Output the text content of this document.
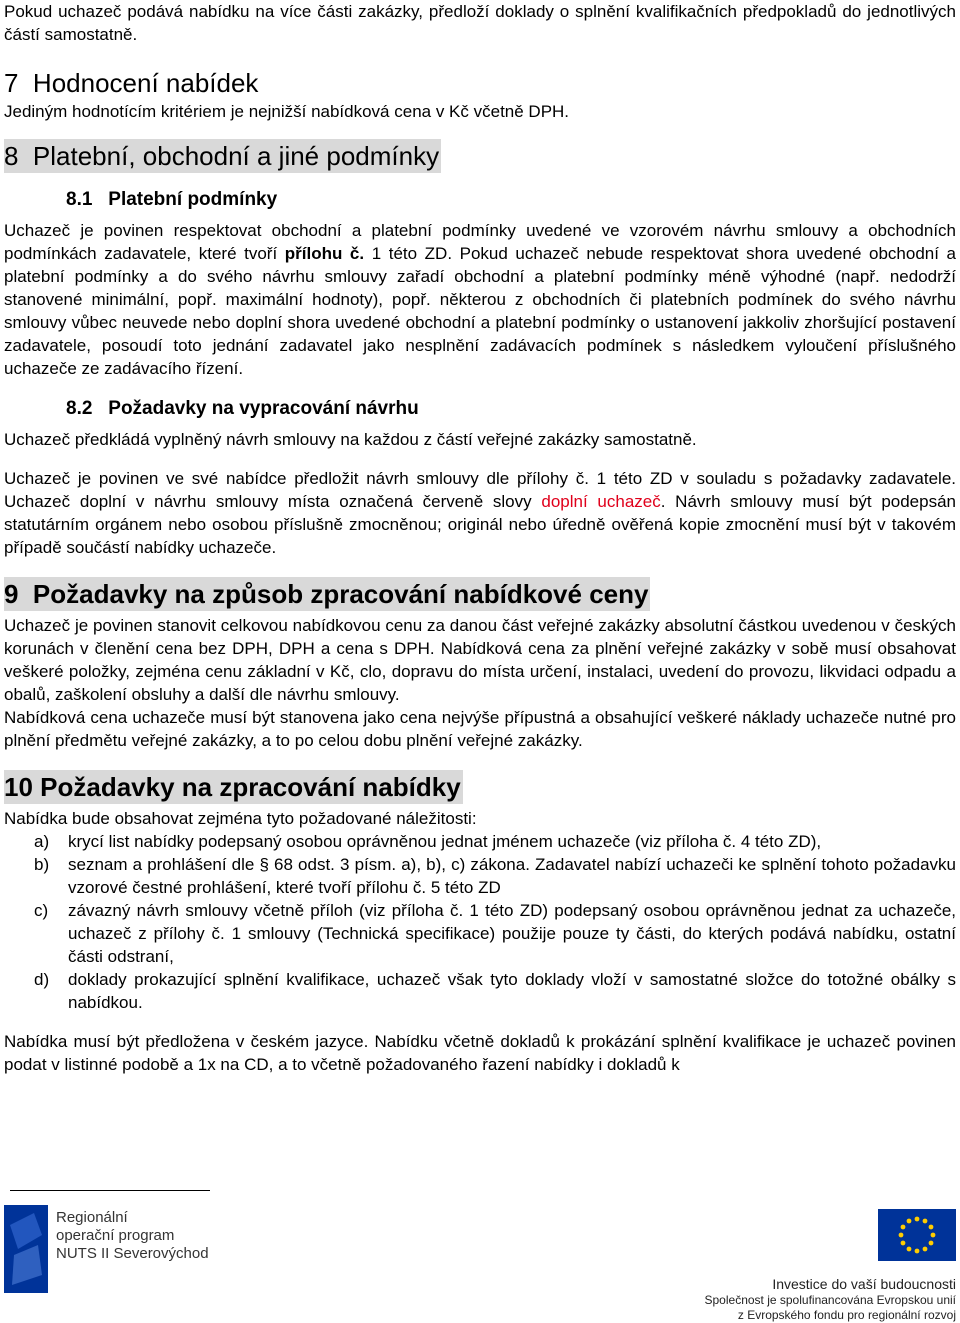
Pokud uchazeč podává nabídku na více části zakázky, předloží doklady o splnění kvalifikačních předpokladů do jednotlivých částí samostatně.

7 Hodnocení nabídek

Jediným hodnotícím kritériem je nejnižší nabídková cena v Kč včetně DPH.

8 Platební, obchodní a jiné podmínky
8.1 Platební podmínky

Uchazeč je povinen respektovat obchodní a platební podmínky uvedené ve vzorovém návrhu smlouvy a obchodních podmínkách zadavatele, které tvoří přílohu č. 1 této ZD. Pokud uchazeč nebude respektovat shora uvedené obchodní a platební podmínky a do svého návrhu smlouvy zařadí obchodní a platební podmínky méně výhodné (např. nedodrží stanovené minimální, popř. maximální hodnoty), popř. některou z obchodních či platebních podmínek do svého návrhu smlouvy vůbec neuvede nebo doplní shora uvedené obchodní a platební podmínky o ustanovení jakkoliv zhoršující postavení zadavatele, posoudí toto jednání zadavatel jako nesplnění zadávacích podmínek s následkem vyloučení příslušného uchazeče ze zadávacího řízení.

8.2 Požadavky na vypracování návrhu

Uchazeč předkládá vyplněný návrh smlouvy na každou z částí veřejné zakázky samostatně.

Uchazeč je povinen ve své nabídce předložit návrh smlouvy dle přílohy č. 1 této ZD v souladu s požadavky zadavatele. Uchazeč doplní v návrhu smlouvy místa označená červeně slovy doplní uchazeč. Návrh smlouvy musí být podepsán statutárním orgánem nebo osobou příslušně zmocněnou; originál nebo úředně ověřená kopie zmocnění musí být v takovém případě součástí nabídky uchazeče.

9 Požadavky na způsob zpracování nabídkové ceny

Uchazeč je povinen stanovit celkovou nabídkovou cenu za danou část veřejné zakázky absolutní částkou uvedenou v českých korunách v členění cena bez DPH, DPH a cena s DPH. Nabídková cena za plnění veřejné zakázky v sobě musí obsahovat veškeré položky, zejména cenu základní v Kč, clo, dopravu do místa určení, instalaci, uvedení do provozu, likvidaci odpadu a obalů, zaškolení obsluhy a další dle návrhu smlouvy.

Nabídková cena uchazeče musí být stanovena jako cena nejvýše přípustná a obsahující veškeré náklady uchazeče nutné pro plnění předmětu veřejné zakázky, a to po celou dobu plnění veřejné zakázky.

10 Požadavky na zpracování nabídky

Nabídka bude obsahovat zejména tyto požadované náležitosti:

a) krycí list nabídky podepsaný osobou oprávněnou jednat jménem uchazeče (viz příloha č. 4 této ZD),
b) seznam a prohlášení dle § 68 odst. 3 písm. a), b), c) zákona. Zadavatel nabízí uchazeči ke splnění tohoto požadavku vzorové čestné prohlášení, které tvoří přílohu č. 5 této ZD
c) závazný návrh smlouvy včetně příloh (viz příloha č. 1 této ZD) podepsaný osobou oprávněnou jednat za uchazeče, uchazeč z přílohy č. 1 smlouvy (Technická specifikace) použije pouze ty části, do kterých podává nabídku, ostatní části odstraní,
d) doklady prokazující splnění kvalifikace, uchazeč však tyto doklady vloží v samostatné složce do totožné obálky s nabídkou.

Nabídka musí být předložena v českém jazyce. Nabídku včetně dokladů k prokázání splnění kvalifikace je uchazeč povinen podat v listinné podobě a 1x na CD, a to včetně požadovaného řazení nabídky i dokladů k

Regionální
operační program
NUTS II Severovýchod
Investice do vaší budoucnosti
Společnost je spolufinancována Evropskou unií
z Evropského fondu pro regionální rozvoj
